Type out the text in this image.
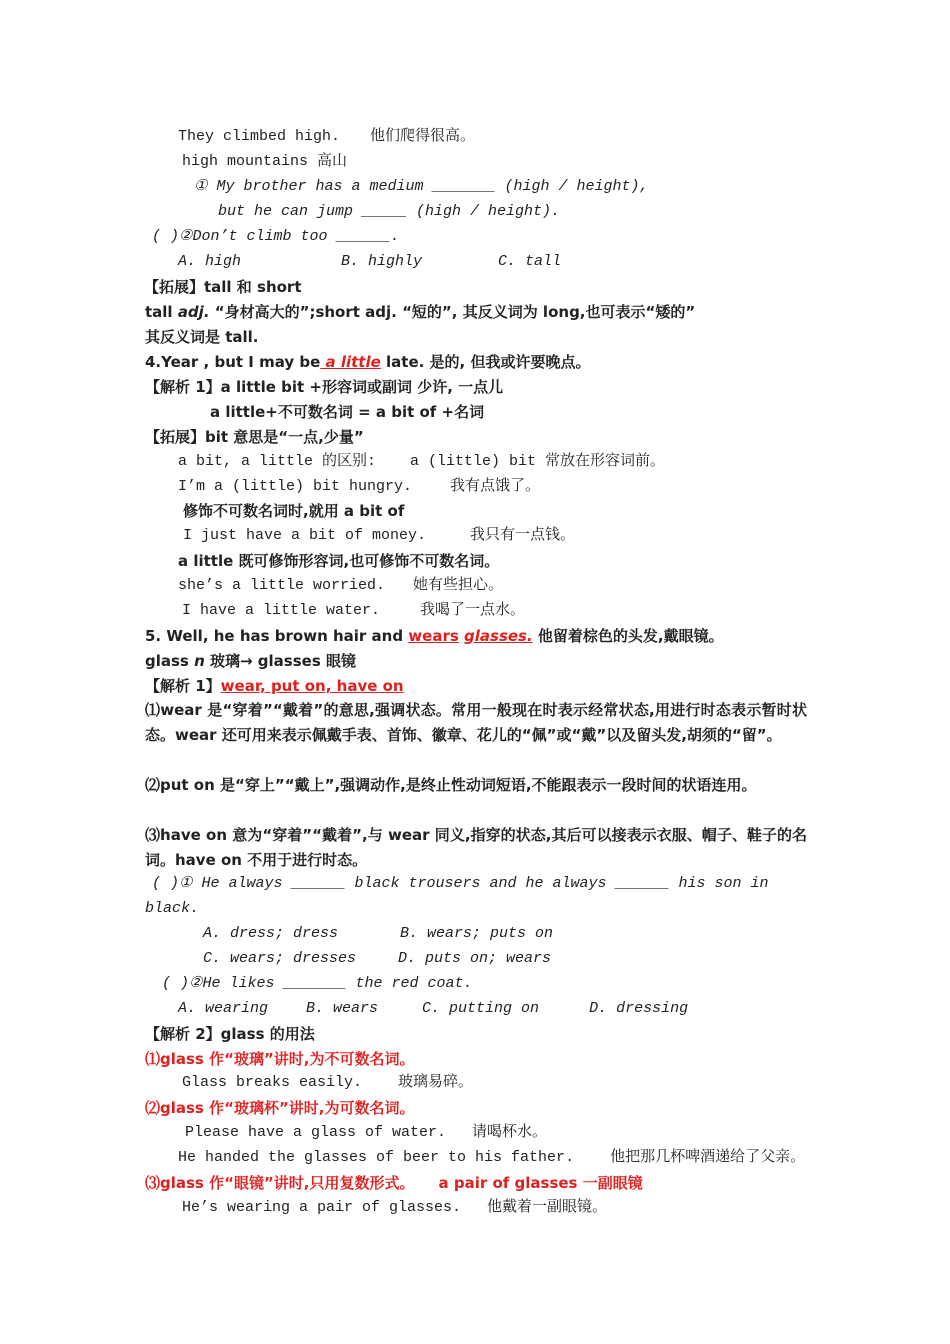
They climbed high. 他们爬得很高。
high mountains 高山
① My brother has a medium _______ (high / height),
but he can jump _____ (high / height).
( )②Don’t climb too ______.
A. high	B. highly	C. tall
【拓展】tall 和 short
tall adj. “身材高大的”;short adj. “短的”, 其反义词为 long,也可表示“矮的”
其反义词是 tall.
4.Year , but I may be a little late. 是的, 但我或许要晚点。
【解析 1】a little bit +形容词或副词 少许, 一点儿
a little+不可数名词 = a bit of +名词
【拓展】bit 意思是“一点,少量”
a bit, a little 的区别: a (little) bit 常放在形容词前。
I’m a (little) bit hungry.	我有点饿了。
修饰不可数名词时,就用 a bit of
I just have a bit of money.	我只有一点钱。
a little 既可修饰形容词,也可修饰不可数名词。
she’s a little worried. 她有些担心。
I have a little water.	我喝了一点水。
5. Well, he has brown hair and wears glasses. 他留着棕色的头发,戴眼镜。
glass n 玻璃→ glasses 眼镜
【解析 1】wear, put on, have on
⑴wear 是“穿着”“戴着”的意思,强调状态。常用一般现在时表示经常状态,用进行时态表示暂时状态。wear 还可用来表示佩戴手表、首饰、徽章、花儿的“佩”或“戴”以及留头发,胡须的“留”。
⑵put on 是“穿上”“戴上”,强调动作,是终止性动词短语,不能跟表示一段时间的状语连用。
⑶have on 意为“穿着”“戴着”,与 wear 同义,指穿的状态,其后可以接表示衣服、帽子、鞋子的名词。have on 不用于进行时态。
( )① He always ______ black trousers and he always ______ his son in
black.
A. dress; dress	B. wears; puts on
C. wears; dresses	D. puts on; wears
( )②He likes _______ the red coat.
A. wearing	B. wears	C. putting on	D. dressing
【解析 2】glass 的用法
⑴glass 作“玻璃”讲时,为不可数名词。
Glass breaks easily. 玻璃易碎。
⑵glass 作“玻璃杯”讲时,为可数名词。
Please have a glass of water. 请喝杯水。
He handed the glasses of beer to his father. 他把那几杯啤酒递给了父亲。
⑶glass 作“眼镜”讲时,只用复数形式。 a pair of glasses 一副眼镜
He’s wearing a pair of glasses. 他戴着一副眼镜。
